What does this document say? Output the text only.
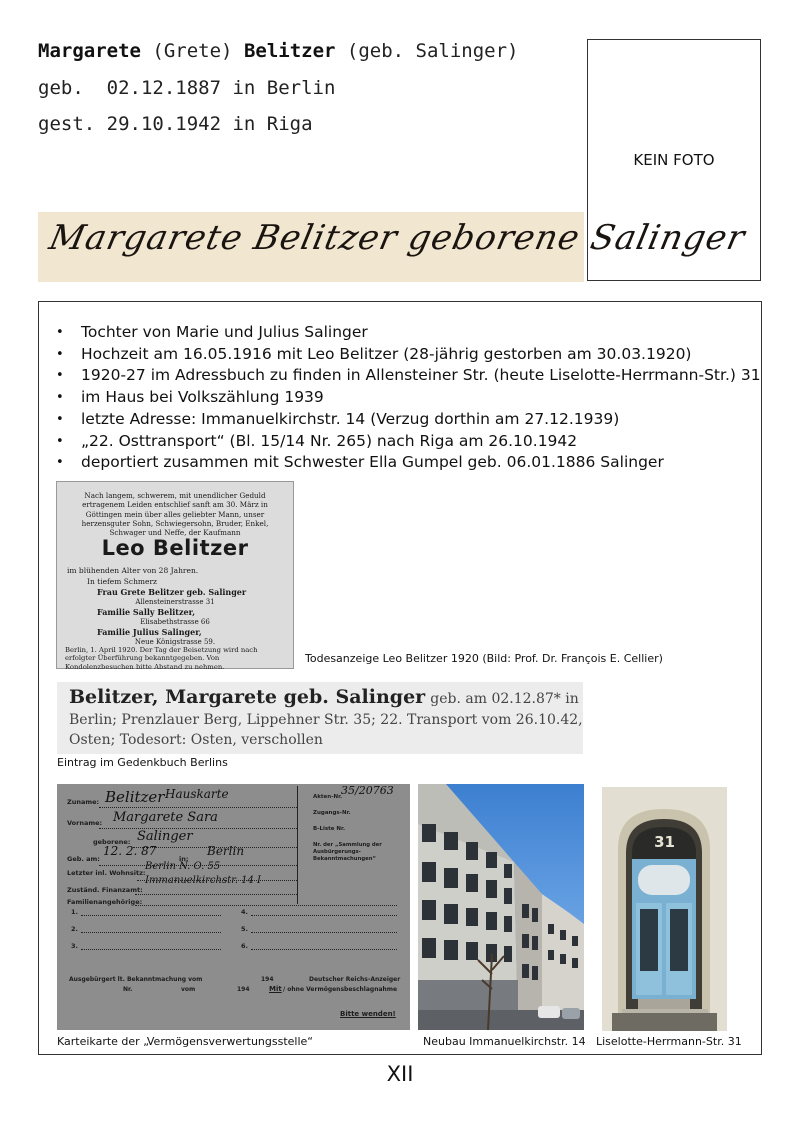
Margarete (Grete) Belitzer (geb. Salinger)
geb. 02.12.1887 in Berlin
gest. 29.10.1942 in Riga
Margarete Belitzer geborene Salinger
KEIN FOTO
• Tochter von Marie und Julius Salinger
• Hochzeit am 16.05.1916 mit Leo Belitzer (28-jährig gestorben am 30.03.1920)
• 1920-27 im Adressbuch zu finden in Allensteiner Str. (heute Liselotte-Herrmann-Str.) 31
• im Haus bei Volkszählung 1939
• letzte Adresse: Immanuelkirchstr. 14 (Verzug dorthin am 27.12.1939)
• „22. Osttransport“ (Bl. 15/14 Nr. 265) nach Riga am 26.10.1942
• deportiert zusammen mit Schwester Ella Gumpel geb. 06.01.1886 Salinger
Nach langem, schwerem, mit unendlicher Geduld ertragenem Leiden entschlief sanft am 30. März in Göttingen mein über alles geliebter Mann, unser herzensguter Sohn, Schwiegersohn, Bruder, Enkel, Schwager und Neffe, der Kaufmann
Leo Belitzer
im blühenden Alter von 28 Jahren.
In tiefem Schmerz
Frau Grete Belitzer geb. Salinger
Allensteinerstrasse 31
Familie Sally Belitzer,
Elisabethstrasse 66
Familie Julius Salinger,
Neue Königstrasse 59.
Berlin, 1. April 1920. Der Tag der Beisetzung wird nach erfolgter Überführung bekanntgegeben. Von Kondolenzbesuchen bitte Abstand zu nehmen.
Todesanzeige Leo Belitzer 1920 (Bild: Prof. Dr. François E. Cellier)
Belitzer, Margarete geb. Salinger geb. am 02.12.87* in
Berlin; Prenzlauer Berg, Lippehner Str. 35; 22. Transport vom 26.10.42,
Osten; Todesort: Osten, verschollen
Eintrag im Gedenkbuch Berlins
Zuname: Belitzer Hauskarte
Vorname: Margarete Sara
geborene: Salinger
Geb. am:
12. 2. 87
in:
Berlin
Letzter inl. Wohnsitz:
Berlin N. O. 55 Immanuelkirchstr. 14 I
Zuständ. Finanzamt:
Familienangehörige:
1.	4.
2.	5.
3.	6.
Akten-Nr.
35/20763
Zugangs-Nr.
B-Liste Nr.
Nr. der „Sammlung der Ausbürgerungs-Bekanntmachungen“
Ausgebürgert lt. Bekanntmachung vom	194	Deutscher Reichs-Anzeiger
Nr.	vom	194	Mit / ohne Vermögensbeschlagnahme
Bitte wenden!
Karteikarte der „Vermögensverwertungsstelle“	Neubau Immanuelkirchstr. 14
31
Liselotte-Herrmann-Str. 31
XII
